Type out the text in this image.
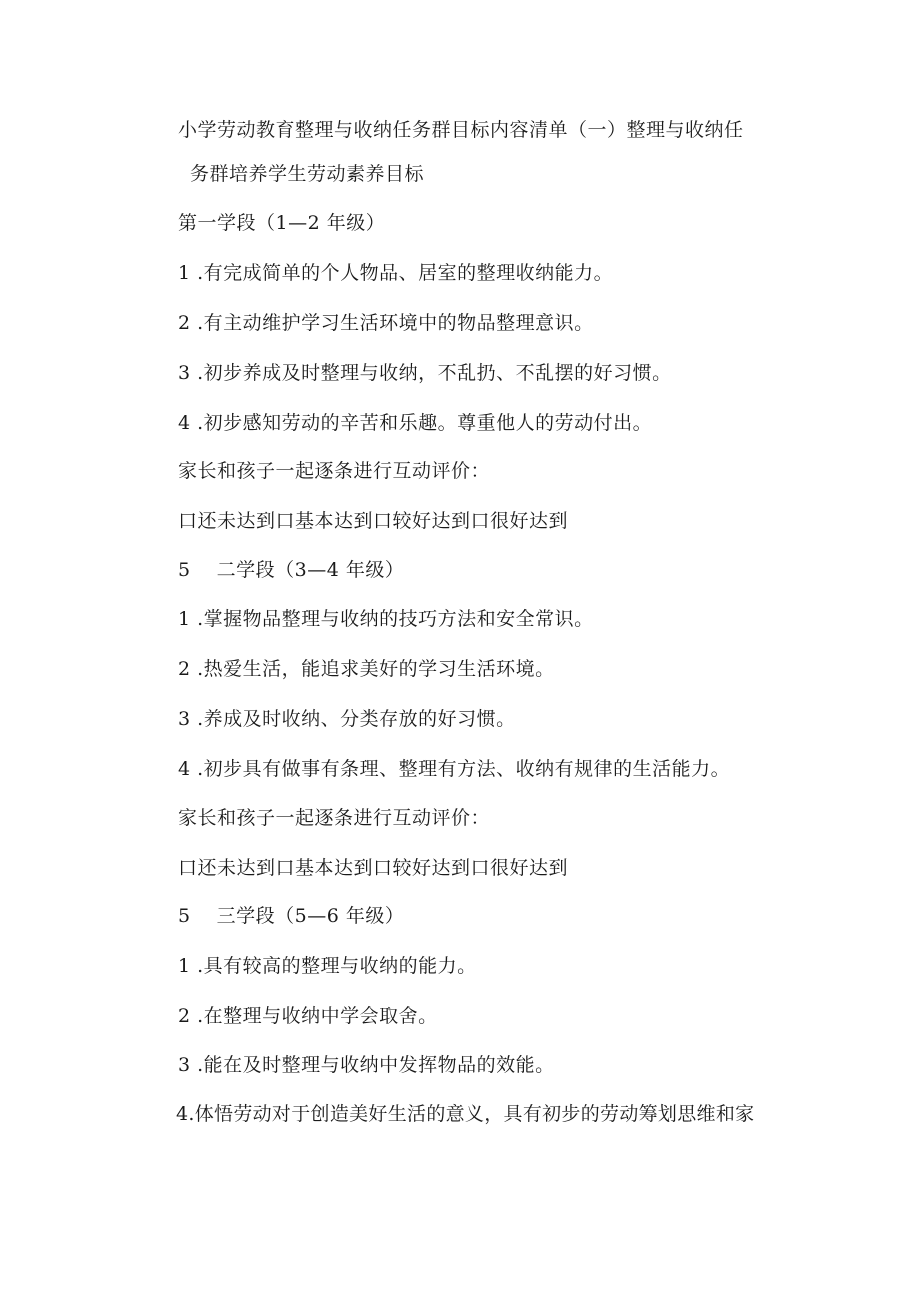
小学劳动教育整理与收纳任务群目标内容清单（一）整理与收纳任
务群培养学生劳动素养目标
第一学段（1—2 年级）
1 .有完成简单的个人物品、居室的整理收纳能力。
2 .有主动维护学习生活环境中的物品整理意识。
3 .初步养成及时整理与收纳，不乱扔、不乱摆的好习惯。
4 .初步感知劳动的辛苦和乐趣。尊重他人的劳动付出。
家长和孩子一起逐条进行互动评价：
口还未达到口基本达到口较好达到口很好达到
5　 二学段（3—4 年级）
1 .掌握物品整理与收纳的技巧方法和安全常识。
2 .热爱生活，能追求美好的学习生活环境。
3 .养成及时收纳、分类存放的好习惯。
4 .初步具有做事有条理、整理有方法、收纳有规律的生活能力。
家长和孩子一起逐条进行互动评价：
口还未达到口基本达到口较好达到口很好达到
5　 三学段（5—6 年级）
1 .具有较高的整理与收纳的能力。
2 .在整理与收纳中学会取舍。
3 .能在及时整理与收纳中发挥物品的效能。
4.体悟劳动对于创造美好生活的意义，具有初步的劳动筹划思维和家
